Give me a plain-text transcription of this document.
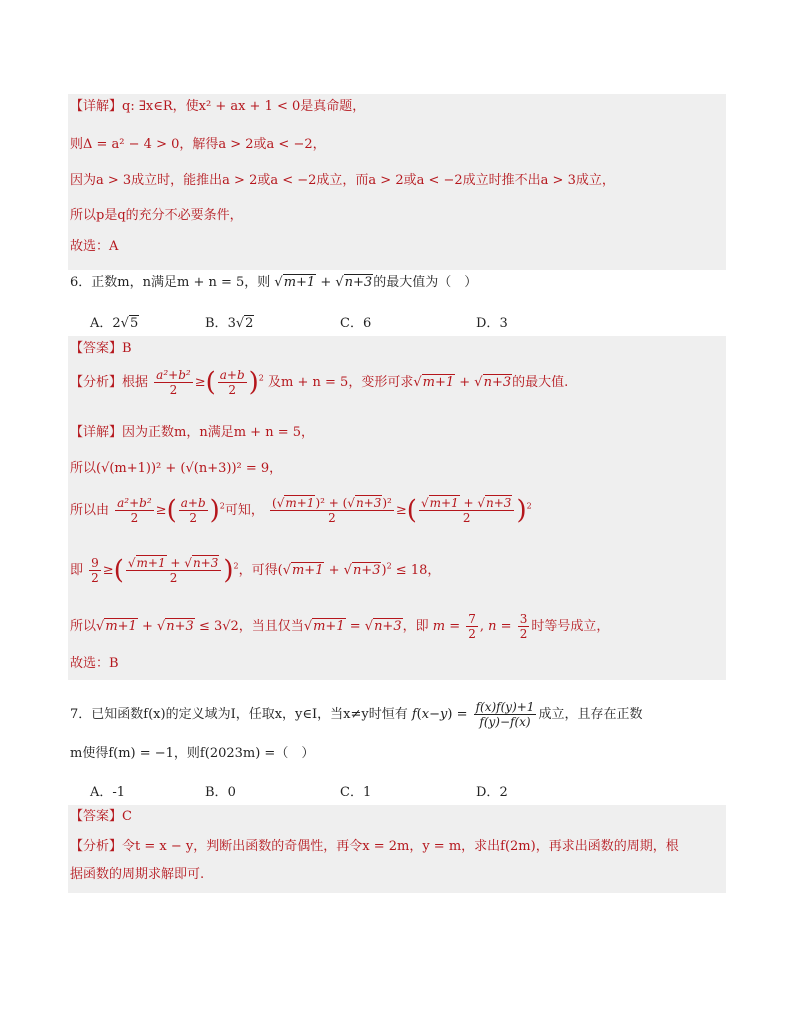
【详解】q: ∃x∈R，使x² + ax + 1 < 0是真命题，
则Δ = a² − 4 > 0，解得a > 2或a < −2，
因为a > 3成立时，能推出a > 2或a < −2成立，而a > 2或a < −2成立时推不出a > 3成立，
所以p是q的充分不必要条件，
故选：A
6．正数m，n满足m + n = 5，则 √m+1 + √n+3的最大值为（　）
A．2√5	B．3√2	C．6	D．3
【答案】B
【分析】根据 $\frac{\text{a²+b²}}{2}$ ≥( $\frac{a+b}{2} )^2$ 及m + n = 5，变形可求√m+1 + √n+3的最大值.
【详解】因为正数m，n满足m + n = 5，
所以(√(m+1))² + (√(n+3))² = 9，
所以由 $\frac{\text{a²+b²}}{2}$ ≥( $\frac{a+b}{2} )^2$可知， $\frac{\text{(√m+1)² + (√n+3)²}}{2}$ ≥( $\frac{√m+1 + √n+3}{2} )^2$
即 $\frac{9}{2}$ ≥( $\frac{√m+1 + √n+3}{2} )^2$，可得$(√m+1 + √n+3)^2 \le 18$，
所以√m+1 + √n+3 ≤ 3√2，当且仅当√m+1 = √n+3，即 $m = \frac{7}{2}$ , $n = \frac{3}{2}$ 时等号成立，
故选：B
7．已知函数f(x)的定义域为I，任取x，y∈I，当x≠y时恒有 $f(x-y) = \frac{f(x)f(y)+1}{f(y)-f(x)}$ 成立，且存在正数
m使得f(m) = −1，则f(2023m) =（　）
A．-1	B．0	C．1	D．2
【答案】C
【分析】令t = x − y，判断出函数的奇偶性，再令x = 2m，y = m，求出f(2m)，再求出函数的周期，根
据函数的周期求解即可.
